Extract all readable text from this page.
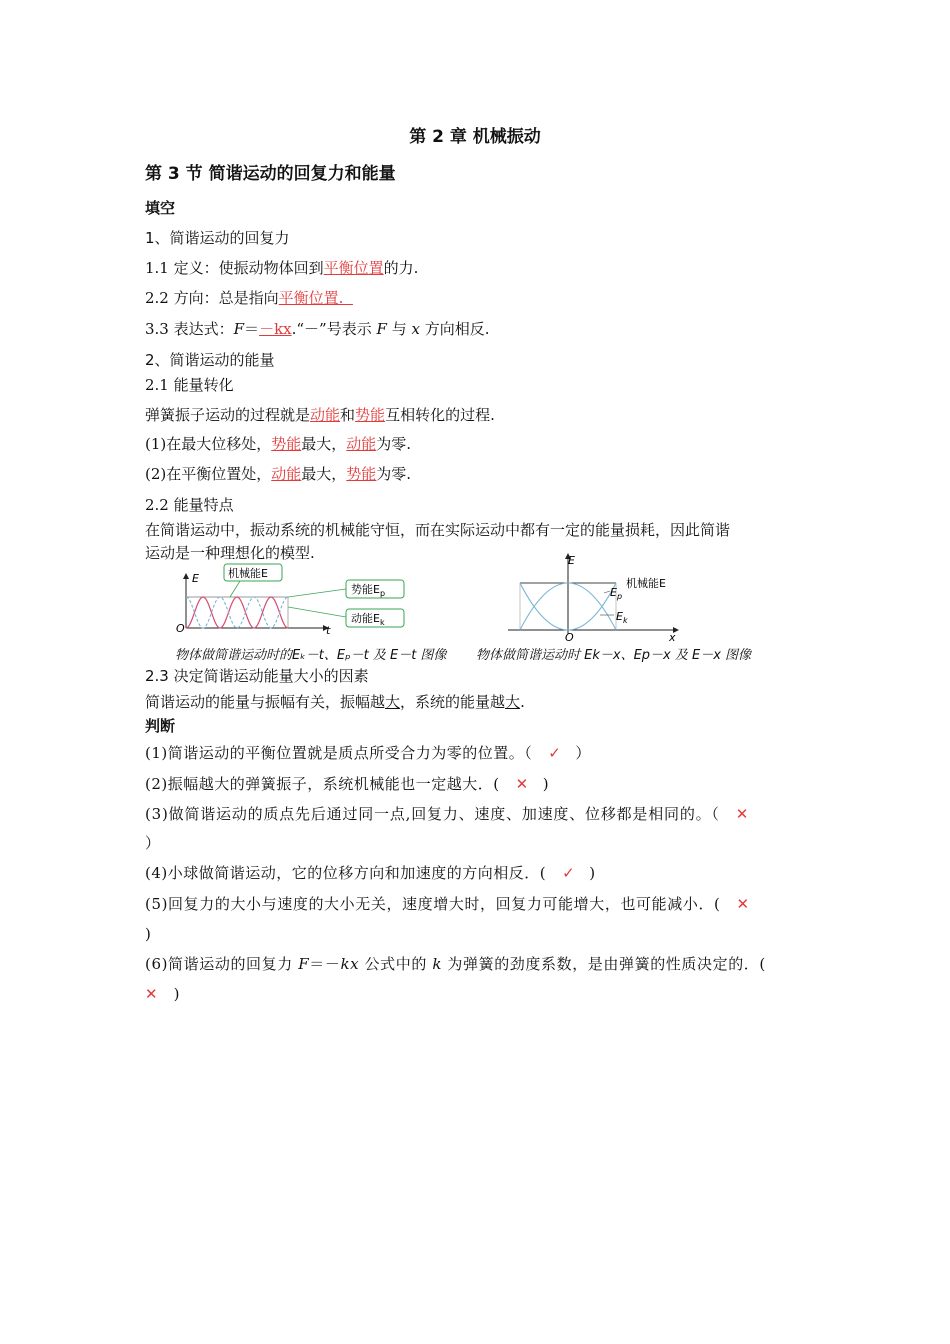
第 2 章 机械振动
第 3 节 简谐运动的回复力和能量
填空
1、简谐运动的回复力
1.1 定义：使振动物体回到平衡位置的力.
2.2 方向：总是指向平衡位置.
3.3 表达式：F＝－kx.“－”号表示 F 与 x 方向相反.
2、简谐运动的能量
2.1 能量转化
弹簧振子运动的过程就是动能和势能互相转化的过程.
(1)在最大位移处，势能最大，动能为零.
(2)在平衡位置处，动能最大，势能为零.
2.2 能量特点
在简谐运动中，振动系统的机械能守恒，而在实际运动中都有一定的能量损耗，因此简谐
运动是一种理想化的模型.
E
t
O
机械能E
势能$E_p$
动能$E_k$
E
x
O
机械能E
$E_p$
$E_k$
物体做简谐运动时的Eₖ－t、Eₚ－t 及 E－t 图像 物体做简谐运动时 Ek－x、Ep－x 及 E－x 图像
2.3 决定简谐运动能量大小的因素
简谐运动的能量与振幅有关，振幅越大，系统的能量越大.
判断
(1)简谐运动的平衡位置就是质点所受合力为零的位置。（ ✓ ）
(2)振幅越大的弹簧振子，系统机械能也一定越大．( ✕ )
(3)做简谐运动的质点先后通过同一点,回复力、速度、加速度、位移都是相同的。（ ✕
）
(4)小球做简谐运动，它的位移方向和加速度的方向相反．( ✓ )
(5)回复力的大小与速度的大小无关，速度增大时，回复力可能增大，也可能减小．( ✕
)
(6)简谐运动的回复力 F＝－kx 公式中的 k 为弹簧的劲度系数，是由弹簧的性质决定的．(
✕ )
